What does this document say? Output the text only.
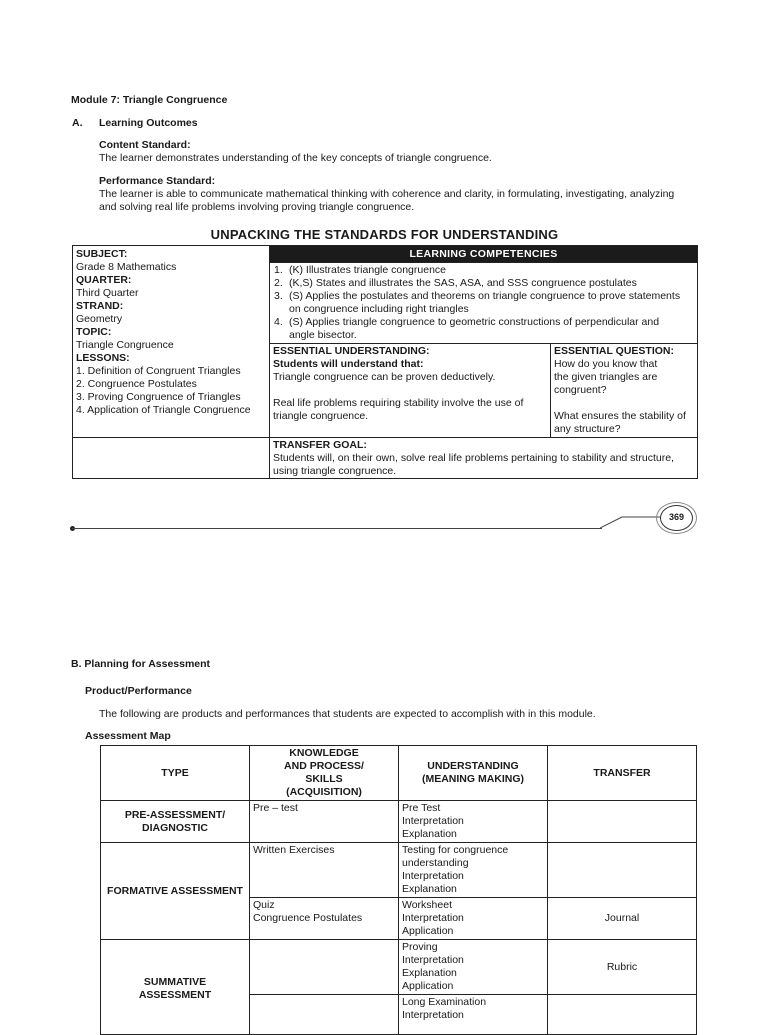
Module 7: Triangle Congruence
A. Learning Outcomes
Content Standard:
The learner demonstrates understanding of the key concepts of triangle congruence.
Performance Standard:
The learner is able to communicate mathematical thinking with coherence and clarity, in formulating, investigating, analyzing
and solving real life problems involving proving triangle congruence.
UNPACKING THE STANDARDS FOR UNDERSTANDING
SUBJECT:
Grade 8 Mathematics
QUARTER:
Third Quarter
STRAND:
Geometry
TOPIC:
Triangle Congruence
LESSONS:
1. Definition of Congruent Triangles
2. Congruence Postulates
3. Proving Congruence of Triangles
4. Application of Triangle Congruence
LEARNING COMPETENCIES
1. (K) Illustrates triangle congruence
2. (K,S) States and illustrates the SAS, ASA, and SSS congruence postulates
3. (S) Applies the postulates and theorems on triangle congruence to prove statements
on congruence including right triangles
4. (S) Applies triangle congruence to geometric constructions of perpendicular and
angle bisector.
ESSENTIAL UNDERSTANDING:
Students will understand that:
Triangle congruence can be proven deductively.

Real life problems requiring stability involve the use of
triangle congruence.
ESSENTIAL QUESTION:
How do you know that
the given triangles are
congruent?

What ensures the stability of
any structure?
TRANSFER GOAL:
Students will, on their own, solve real life problems pertaining to stability and structure,
using triangle congruence.
369
B. Planning for Assessment
Product/Performance
The following are products and performances that students are expected to accomplish with in this module.
Assessment Map
TYPE	KNOWLEDGE
AND PROCESS/
SKILLS
(ACQUISITION)	UNDERSTANDING
(MEANING MAKING)	TRANSFER

PRE-ASSESSMENT/
DIAGNOSTIC	Pre – test	Pre Test
Interpretation
Explanation	

FORMATIVE ASSESSMENT	Written Exercises	Testing for congruence
understanding
Interpretation
Explanation	

	Quiz
Congruence Postulates	Worksheet
Interpretation
Application	Journal

SUMMATIVE
ASSESSMENT		Proving
Interpretation
Explanation
Application	Rubric

		Long Examination
Interpretation	
